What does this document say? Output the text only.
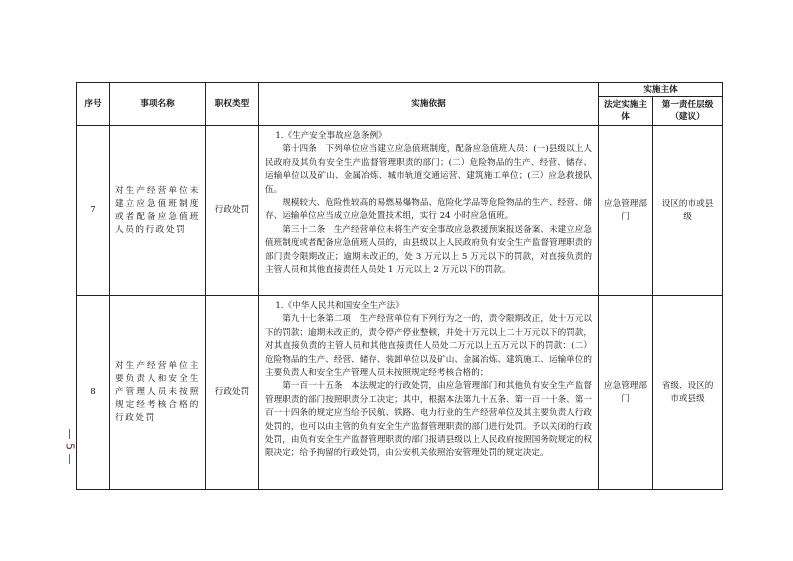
序号	事项名称	职权类型	实施依据	实施主体	
				法定实施主体	第一责任层级（建议）
7	对生产经营单位未建立应急值班制度或者配备应急值班人员的行政处罚	行政处罚	1.《生产安全事故应急条例》

第十四条　下列单位应当建立应急值班制度，配备应急值班人员：(一)县级以上人民政府及其负有安全生产监督管理职责的部门；(二）危险物品的生产、经营、储存、运输单位以及矿山、金属冶炼、城市轨道交通运营、建筑施工单位；(三）应急救援队伍。

规模较大、危险性较高的易燃易爆物品、危险化学品等危险物品的生产、经营、储存、运输单位应当成立应急处置技术组，实行 24 小时应急值班。

第三十二条　生产经营单位未将生产安全事故应急救援预案报送备案、未建立应急值班制度或者配备应急值班人员的，由县级以上人民政府负有安全生产监督管理职责的部门责令限期改正；逾期未改正的，处 3 万元以上 5 万元以下的罚款，对直接负责的主管人员和其他直接责任人员处 1 万元以上 2 万元以下的罚款。	应急管理部门	设区的市或县级
8	对生产经营单位主要负责人和安全生产管理人员未按照规定经考核合格的行政处罚	行政处罚	1.《中华人民共和国安全生产法》

第九十七条第二项　生产经营单位有下列行为之一的，责令限期改正，处十万元以下的罚款；逾期未改正的，责令停产停业整顿，并处十万元以上二十万元以下的罚款，对其直接负责的主管人员和其他直接责任人员处二万元以上五万元以下的罚款：(二）危险物品的生产、经营、储存、装卸单位以及矿山、金属冶炼、建筑施工、运输单位的主要负责人和安全生产管理人员未按照规定经考核合格的；

第一百一十五条　本法规定的行政处罚，由应急管理部门和其他负有安全生产监督管理职责的部门按照职责分工决定；其中，根据本法第九十五条、第一百一十条、第一百一十四条的规定应当给予民航、铁路、电力行业的生产经营单位及其主要负责人行政处罚的，也可以由主管的负有安全生产监督管理职责的部门进行处罚。予以关闭的行政处罚，由负有安全生产监督管理职责的部门报请县级以上人民政府按照国务院规定的权限决定；给予拘留的行政处罚，由公安机关依照治安管理处罚的规定决定。	应急管理部门	省级、设区的市或县级
— 5 —
